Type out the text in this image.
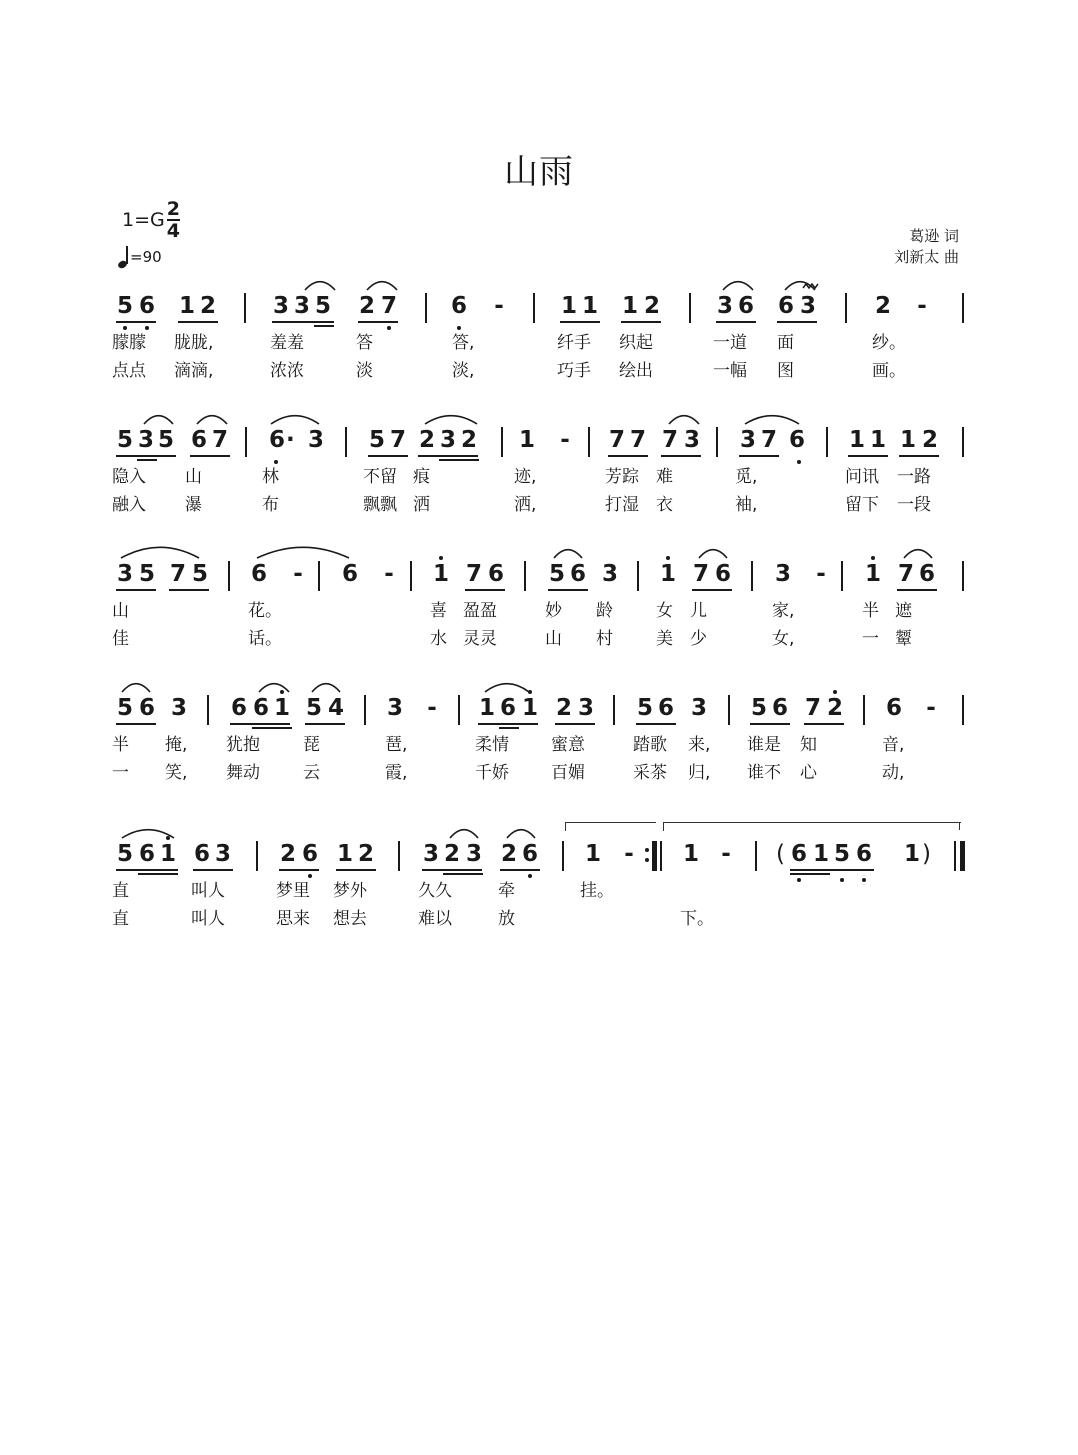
山雨
$1=G \frac{2}{4}$
=90
葛逊 词
刘新太 曲
5 6 1 2 3 3 5 2 7 6 - 1 1 1 2 3 6 6 3	2 -
朦朦 胧胧,	羞羞	答	答,	纤手 织起	一道 面	纱。
点点 滴滴,	浓浓	淡	淡,	巧手 绘出	一幅 图	画。
5 3 5 6 7 6 3 5 7 2 3 2 1 - 7 7 7 3 3 7 6 1 1 1 2
隐入 山	林	不留 痕	迹,	芳踪 难	觅,	问讯 一路
融入 瀑	布	飘飘 洒	洒,	打湿 衣	袖,	留下 一段
3 5 7 5 6 - 6 - 1 7 6 5 6 3 1 7 6 3 - 1 7 6
山	花。	喜 盈盈	妙 龄	女 儿	家,	半 遮
佳	话。	水 灵灵	山 村	美 少	女,	一 颦
5 6 3 6 6 1 5 4 3 - 1 6 1 2 3 5 6 3 5 6 7 2 6 -
半 掩, 犹抱	琵	琶,	柔情 蜜意	踏歌 来, 谁是 知	音,
一 笑, 舞动	云	霞,	千娇 百媚	采茶 归, 谁不 心	动,
5 6 1 6 3 2 6 1 2 3 2 3 2 6 1 - 1 -	6 1 5 6 1
直	叫人	梦里 梦外	久久	牵	挂。
直	叫人	思来 想去	难以	放	下。
·
(	)
